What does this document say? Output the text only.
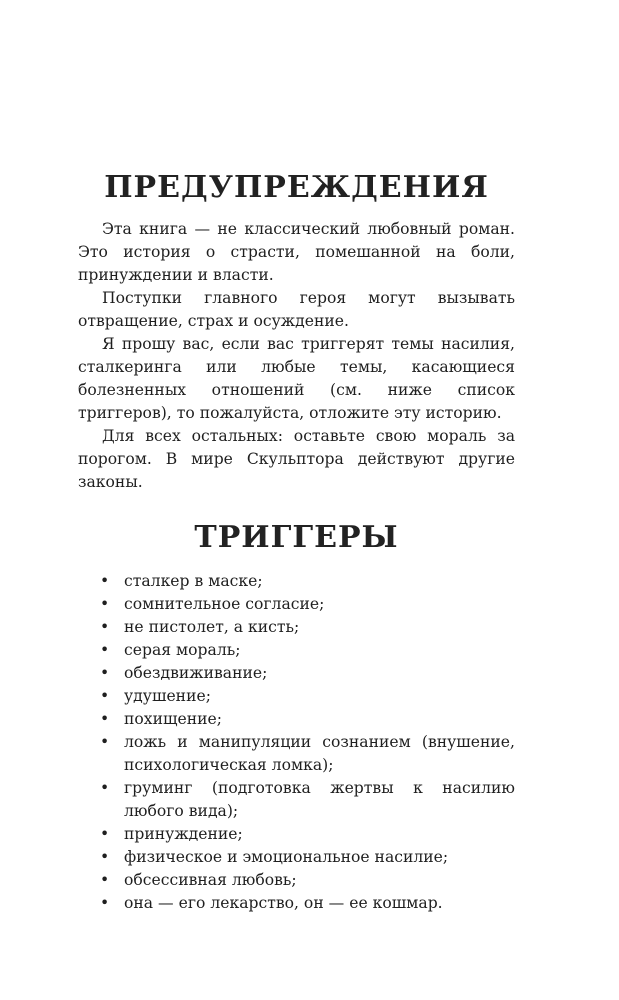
ПРЕДУПРЕЖДЕНИЯ

Эта книга — не классический любовный роман. Это история о страсти, помешанной на боли, принуждении и власти.

Поступки главного героя могут вызывать отвращение, страх и осуждение.

Я прошу вас, если вас триггерят темы насилия, сталкеринга или любые темы, касающиеся болезненных отношений (см. ниже список триггеров), то пожалуйста, отложите эту историю.

Для всех остальных: оставьте свою мораль за порогом. В мире Скульптора действуют другие законы.

ТРИГГЕРЫ
• сталкер в маске;
• сомнительное согласие;
• не пистолет, а кисть;
• серая мораль;
• обездвиживание;
• удушение;
• похищение;
• ложь и манипуляции сознанием (внушение, психологическая ломка);
• груминг (подготовка жертвы к насилию любого вида);
• принуждение;
• физическое и эмоциональное насилие;
• обсессивная любовь;
• она — его лекарство, он — ее кошмар.
